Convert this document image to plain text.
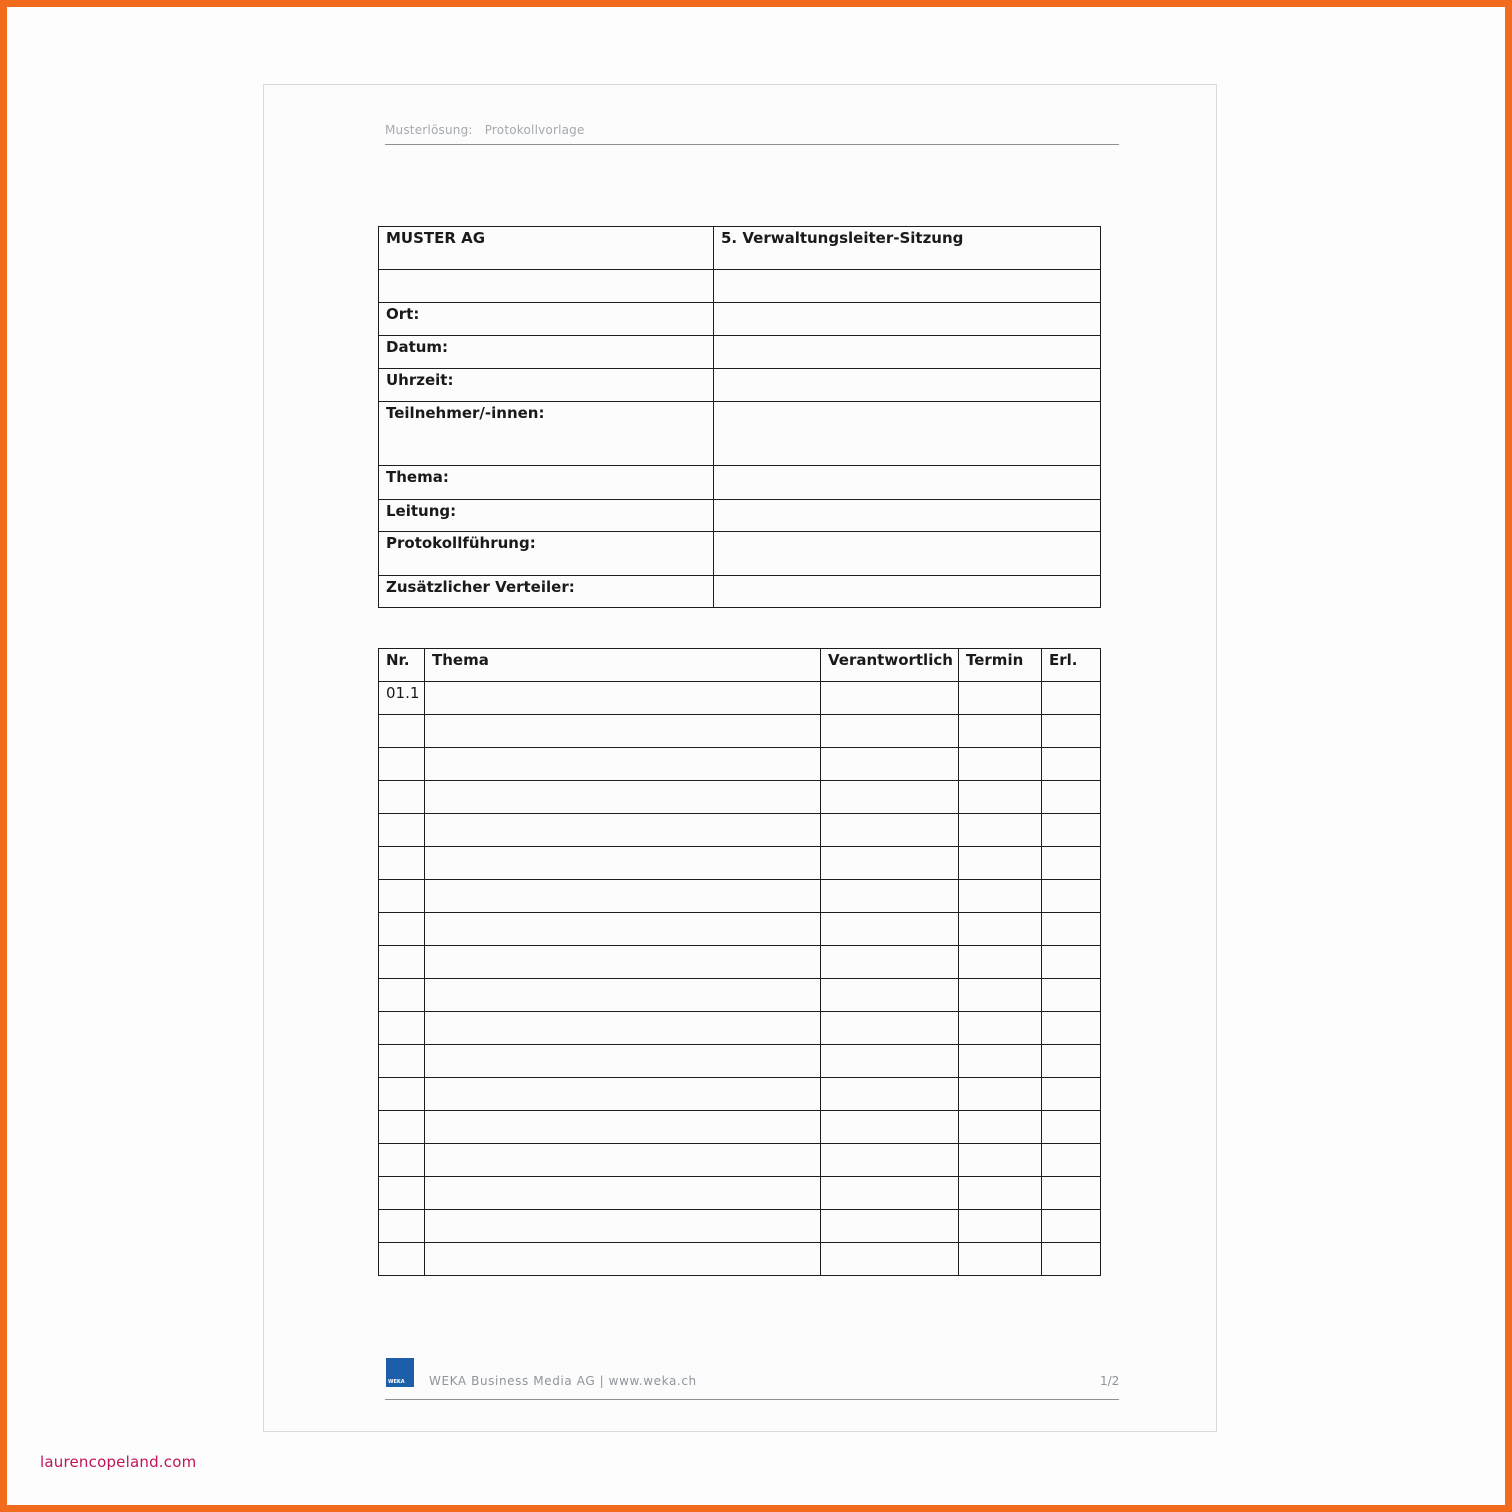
Musterlösung: Protokollvorlage
MUSTER AG	5. Verwaltungsleiter-Sitzung

Ort:	
Datum:	
Uhrzeit:	
Teilnehmer/-innen:	
Thema:	
Leitung:	
Protokollführung:	
Zusätzlicher Verteiler:	
Nr.	Thema	Verantwortlich	Termin	Erl.
01.1				

WEKA WEKA Business Media AG | www.weka.ch	1/2
laurencopeland.com
